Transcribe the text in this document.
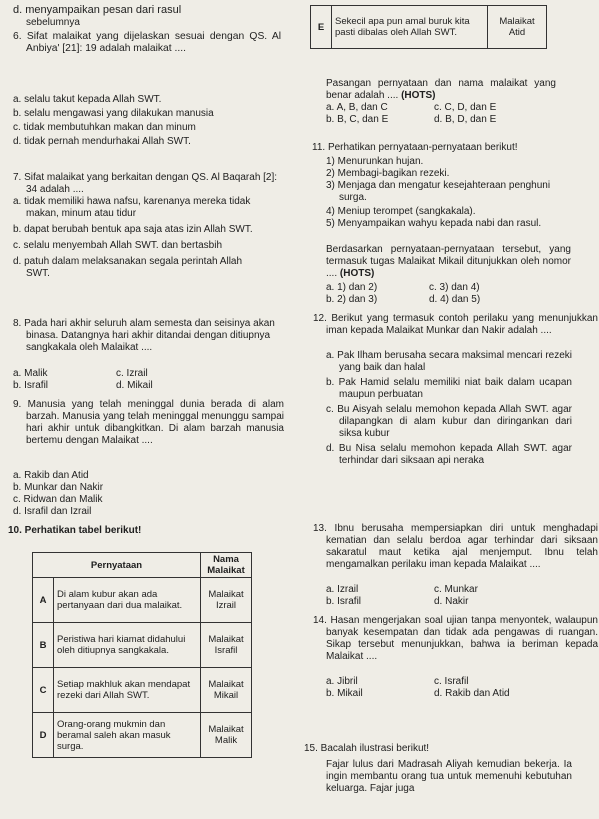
d. menyampaikan pesan dari rasul
sebelumnya
6. Sifat malaikat yang dijelaskan sesuai dengan QS. Al Anbiya' [21]: 19 adalah malaikat ....
a. selalu takut kepada Allah SWT.
b. selalu mengawasi yang dilakukan manusia
c. tidak membutuhkan makan dan minum
d. tidak pernah mendurhakai Allah SWT.
7. Sifat malaikat yang berkaitan dengan QS. Al Baqarah [2]: 34 adalah ....
a. tidak memiliki hawa nafsu, karenanya mereka tidak makan, minum atau tidur
b. dapat berubah bentuk apa saja atas izin Allah SWT.
c. selalu menyembah Allah SWT. dan bertasbih
d. patuh dalam melaksanakan segala perintah Allah SWT.
8. Pada hari akhir seluruh alam semesta dan seisinya akan binasa. Datangnya hari akhir ditandai dengan ditiupnya sangkakala oleh Malaikat ....
a. Malik	c. Izrail
b. Israfil	d. Mikail
9. Manusia yang telah meninggal dunia berada di alam barzah. Manusia yang telah meninggal menunggu sampai hari akhir untuk dibangkitkan. Di alam barzah manusia bertemu dengan Malaikat ....
a. Rakib dan Atid
b. Munkar dan Nakir
c. Ridwan dan Malik
d. Israfil dan Izrail
10. Perhatikan tabel berikut!
Pernyataan		Nama Malaikat
A	Di alam kubur akan ada pertanyaan dari dua malaikat.	Malaikat Izrail
B	Peristiwa hari kiamat didahului oleh ditiupnya sangkakala.	Malaikat Israfil
C	Setiap makhluk akan mendapat rezeki dari Allah SWT.	Malaikat Mikail
D	Orang-orang mukmin dan beramal saleh akan masuk surga.	Malaikat Malik
E	Sekecil apa pun amal buruk kita pasti dibalas oleh Allah SWT.	Malaikat Atid
Pasangan pernyataan dan nama malaikat yang benar adalah .... (HOTS)
a. A, B, dan C	c. C, D, dan E
b. B, C, dan E	d. B, D, dan E
11. Perhatikan pernyataan-pernyataan berikut!
1) Menurunkan hujan.
2) Membagi-bagikan rezeki.
3) Menjaga dan mengatur kesejahteraan penghuni surga.
4) Meniup terompet (sangkakala).
5) Menyampaikan wahyu kepada nabi dan rasul.
Berdasarkan pernyataan-pernyataan tersebut, yang termasuk tugas Malaikat Mikail ditunjukkan oleh nomor .... (HOTS)
a. 1) dan 2)	c. 3) dan 4)
b. 2) dan 3)	d. 4) dan 5)
12. Berikut yang termasuk contoh perilaku yang menunjukkan iman kepada Malaikat Munkar dan Nakir adalah ....
a. Pak Ilham berusaha secara maksimal mencari rezeki yang baik dan halal
b. Pak Hamid selalu memiliki niat baik dalam ucapan maupun perbuatan
c. Bu Aisyah selalu memohon kepada Allah SWT. agar dilapangkan di alam kubur dan diringankan dari siksa kubur
d. Bu Nisa selalu memohon kepada Allah SWT. agar terhindar dari siksaan api neraka
13. Ibnu berusaha mempersiapkan diri untuk menghadapi kematian dan selalu berdoa agar terhindar dari siksaan sakaratul maut ketika ajal menjemput. Ibnu telah mengamalkan perilaku iman kepada Malaikat ....
a. Izrail	c. Munkar
b. Israfil	d. Nakir
14. Hasan mengerjakan soal ujian tanpa menyontek, walaupun banyak kesempatan dan tidak ada pengawas di ruangan. Sikap tersebut menunjukkan, bahwa ia beriman kepada Malaikat ....
a. Jibril	c. Israfil
b. Mikail	d. Rakib dan Atid
15. Bacalah ilustrasi berikut!
Fajar lulus dari Madrasah Aliyah kemudian bekerja. Ia ingin membantu orang tua untuk memenuhi kebutuhan keluarga. Fajar juga
